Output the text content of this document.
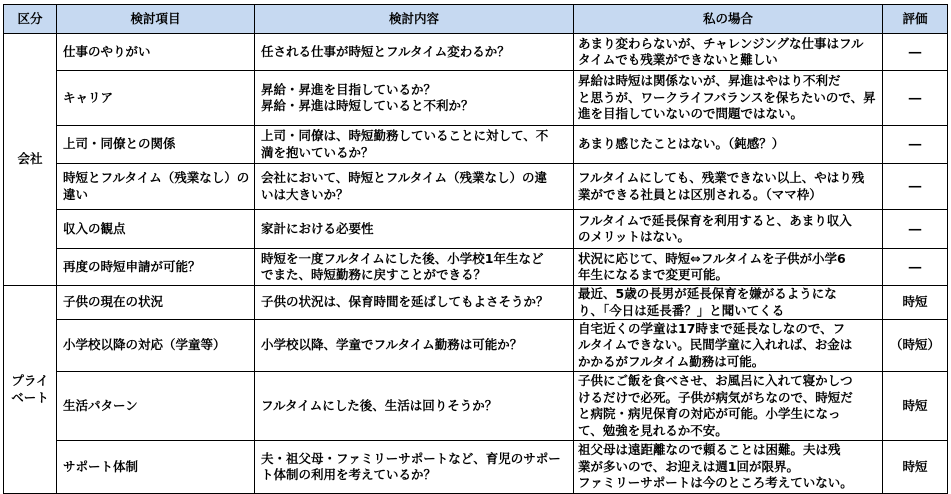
区分	検討項目	検討内容	私の場合	評価
会社	仕事のやりがい	任される仕事が時短とフルタイム変わるか？	あまり変わらないが、チャレンジングな仕事はフル
タイムでも残業ができないと難しい	―
	キャリア	昇給・昇進を目指しているか？
昇給・昇進は時短していると不利か？	昇給は時短は関係ないが、昇進はやはり不利だ
と思うが、ワークライフバランスを保ちたいので、昇
進を目指していないので問題ではない。	―
	上司・同僚との関係	上司・同僚は、時短勤務していることに対して、不
満を抱いているか？	あまり感じたことはない。（鈍感？）	―
	時短とフルタイム（残業なし）の
違い	会社において、時短とフルタイム（残業なし）の違
いは大きいか？	フルタイムにしても、残業できない以上、やはり残
業ができる社員とは区別される。（ママ枠）	―
	収入の観点	家計における必要性	フルタイムで延長保育を利用すると、あまり収入
のメリットはない。	―
	再度の時短申請が可能？	時短を一度フルタイムにした後、小学校1年生など
でまた、時短勤務に戻すことができる？	状況に応じて、時短⇔フルタイムを子供が小学6
年生になるまで変更可能。	―
プライベート	子供の現在の状況	子供の状況は、保育時間を延ばしてもよさそうか？	最近、5歳の長男が延長保育を嫌がるようにな
り、「今日は延長番？」と聞いてくる	時短
	小学校以降の対応（学童等）	小学校以降、学童でフルタイム勤務は可能か？	自宅近くの学童は17時まで延長なしなので、フ
ルタイムできない。民間学童に入れれば、お金は
かかるがフルタイム勤務は可能。	（時短）
	生活パターン	フルタイムにした後、生活は回りそうか？	子供にご飯を食べさせ、お風呂に入れて寝かしつ
けるだけで必死。子供が病気がちなので、時短だ
と病院・病児保育の対応が可能。小学生になっ
て、勉強を見れるか不安。	時短
	サポート体制	夫・祖父母・ファミリーサポートなど、育児のサポー
ト体制の利用を考えているか？	祖父母は遠距離なので頼ることは困難。夫は残
業が多いので、お迎えは週1回が限界。
ファミリーサポートは今のところ考えていない。	時短
